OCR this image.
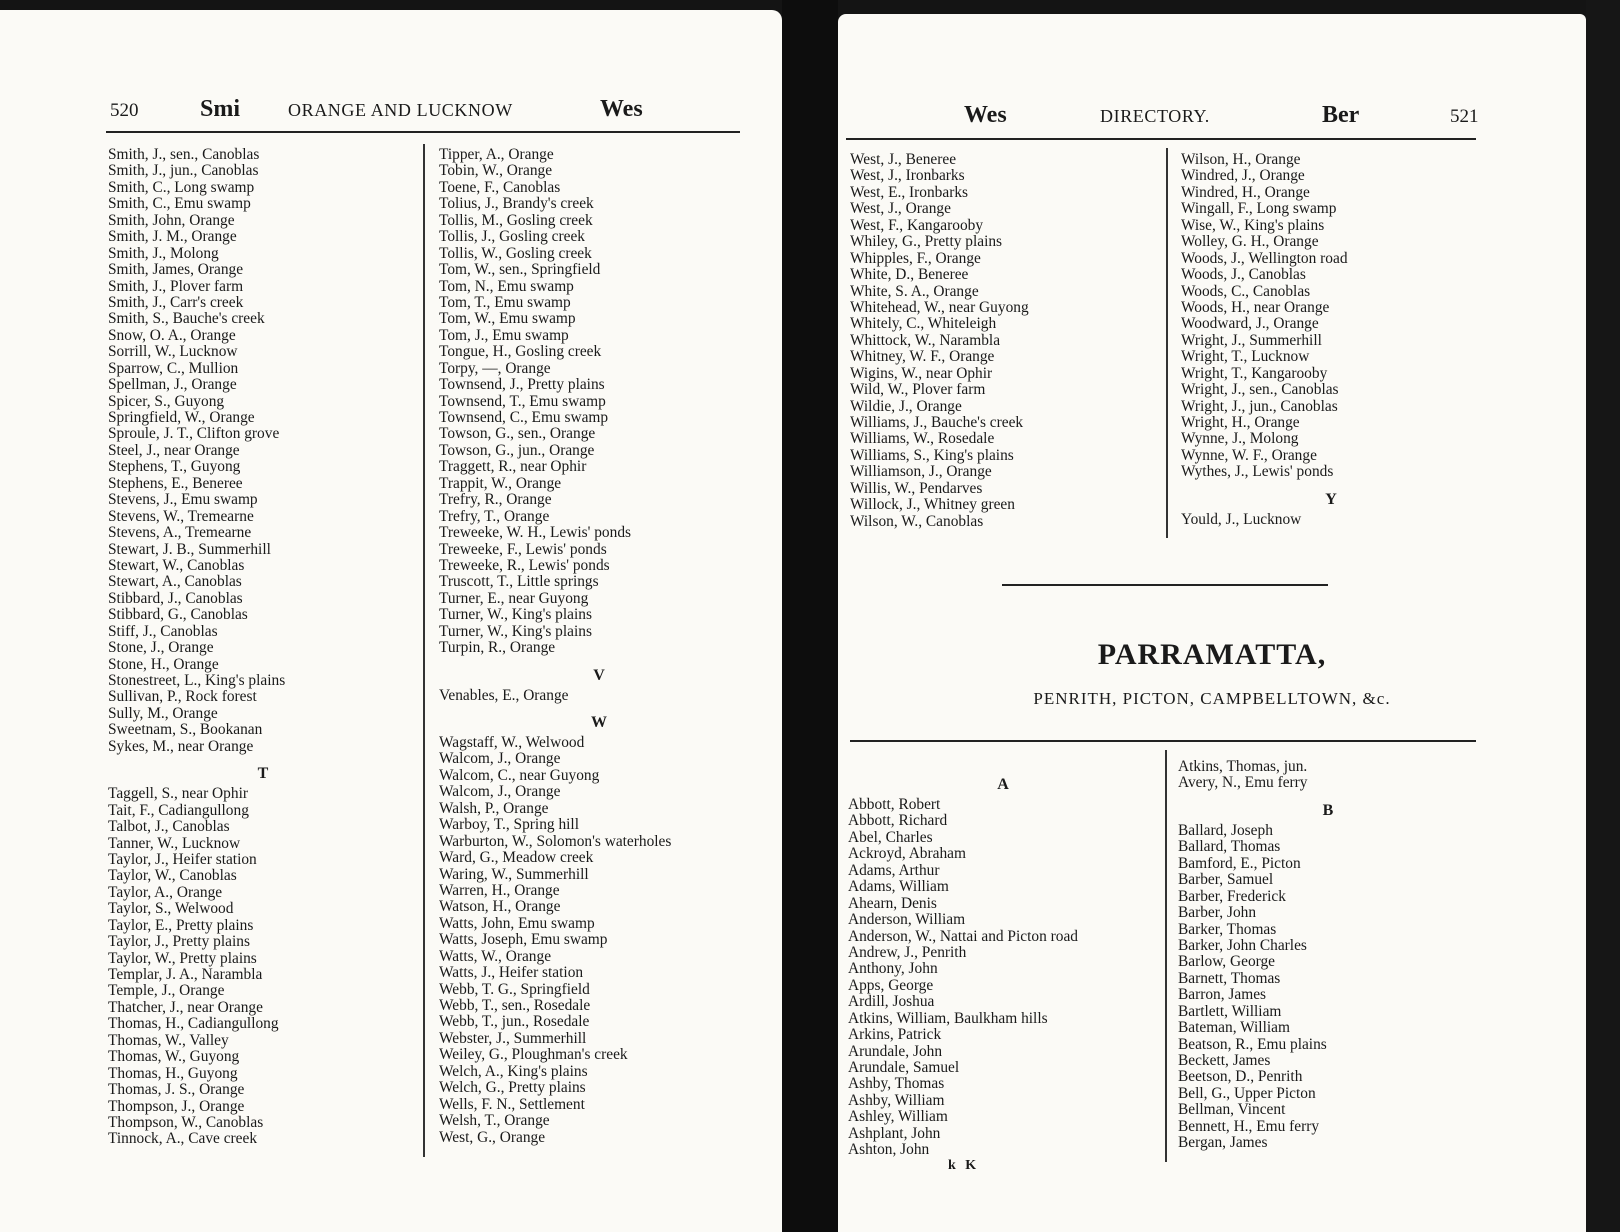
520	Smi	ORANGE AND LUCKNOW	Wes
Smith, J., sen., Canoblas
Smith, J., jun., Canoblas
Smith, C., Long swamp
Smith, C., Emu swamp
Smith, John, Orange
Smith, J. M., Orange
Smith, J., Molong
Smith, James, Orange
Smith, J., Plover farm
Smith, J., Carr's creek
Smith, S., Bauche's creek
Snow, O. A., Orange
Sorrill, W., Lucknow
Sparrow, C., Mullion
Spellman, J., Orange
Spicer, S., Guyong
Springfield, W., Orange
Sproule, J. T., Clifton grove
Steel, J., near Orange
Stephens, T., Guyong
Stephens, E., Beneree
Stevens, J., Emu swamp
Stevens, W., Tremearne
Stevens, A., Tremearne
Stewart, J. B., Summerhill
Stewart, W., Canoblas
Stewart, A., Canoblas
Stibbard, J., Canoblas
Stibbard, G., Canoblas
Stiff, J., Canoblas
Stone, J., Orange
Stone, H., Orange
Stonestreet, L., King's plains
Sullivan, P., Rock forest
Sully, M., Orange
Sweetnam, S., Bookanan
Sykes, M., near Orange
T
Taggell, S., near Ophir
Tait, F., Cadiangullong
Talbot, J., Canoblas
Tanner, W., Lucknow
Taylor, J., Heifer station
Taylor, W., Canoblas
Taylor, A., Orange
Taylor, S., Welwood
Taylor, E., Pretty plains
Taylor, J., Pretty plains
Taylor, W., Pretty plains
Templar, J. A., Narambla
Temple, J., Orange
Thatcher, J., near Orange
Thomas, H., Cadiangullong
Thomas, W., Valley
Thomas, W., Guyong
Thomas, H., Guyong
Thomas, J. S., Orange
Thompson, J., Orange
Thompson, W., Canoblas
Tinnock, A., Cave creek
Tipper, A., Orange
Tobin, W., Orange
Toene, F., Canoblas
Tolius, J., Brandy's creek
Tollis, M., Gosling creek
Tollis, J., Gosling creek
Tollis, W., Gosling creek
Tom, W., sen., Springfield
Tom, N., Emu swamp
Tom, T., Emu swamp
Tom, W., Emu swamp
Tom, J., Emu swamp
Tongue, H., Gosling creek
Torpy, —, Orange
Townsend, J., Pretty plains
Townsend, T., Emu swamp
Townsend, C., Emu swamp
Towson, G., sen., Orange
Towson, G., jun., Orange
Traggett, R., near Ophir
Trappit, W., Orange
Trefry, R., Orange
Trefry, T., Orange
Treweeke, W. H., Lewis' ponds
Treweeke, F., Lewis' ponds
Treweeke, R., Lewis' ponds
Truscott, T., Little springs
Turner, E., near Guyong
Turner, W., King's plains
Turner, W., King's plains
Turpin, R., Orange
V
Venables, E., Orange
W
Wagstaff, W., Welwood
Walcom, J., Orange
Walcom, C., near Guyong
Walcom, J., Orange
Walsh, P., Orange
Warboy, T., Spring hill
Warburton, W., Solomon's waterholes
Ward, G., Meadow creek
Waring, W., Summerhill
Warren, H., Orange
Watson, H., Orange
Watts, John, Emu swamp
Watts, Joseph, Emu swamp
Watts, W., Orange
Watts, J., Heifer station
Webb, T. G., Springfield
Webb, T., sen., Rosedale
Webb, T., jun., Rosedale
Webster, J., Summerhill
Weiley, G., Ploughman's creek
Welch, A., King's plains
Welch, G., Pretty plains
Wells, F. N., Settlement
Welsh, T., Orange
West, G., Orange
Wes	DIRECTORY.	Ber	521
West, J., Beneree
West, J., Ironbarks
West, E., Ironbarks
West, J., Orange
West, F., Kangarooby
Whiley, G., Pretty plains
Whipples, F., Orange
White, D., Beneree
White, S. A., Orange
Whitehead, W., near Guyong
Whitely, C., Whiteleigh
Whittock, W., Narambla
Whitney, W. F., Orange
Wigins, W., near Ophir
Wild, W., Plover farm
Wildie, J., Orange
Williams, J., Bauche's creek
Williams, W., Rosedale
Williams, S., King's plains
Williamson, J., Orange
Willis, W., Pendarves
Willock, J., Whitney green
Wilson, W., Canoblas
Wilson, H., Orange
Windred, J., Orange
Windred, H., Orange
Wingall, F., Long swamp
Wise, W., King's plains
Wolley, G. H., Orange
Woods, J., Wellington road
Woods, J., Canoblas
Woods, C., Canoblas
Woods, H., near Orange
Woodward, J., Orange
Wright, J., Summerhill
Wright, T., Lucknow
Wright, T., Kangarooby
Wright, J., sen., Canoblas
Wright, J., jun., Canoblas
Wright, H., Orange
Wynne, J., Molong
Wynne, W. F., Orange
Wythes, J., Lewis' ponds
Y
Yould, J., Lucknow
PARRAMATTA,
PENRITH, PICTON, CAMPBELLTOWN, &c.
A
Abbott, Robert
Abbott, Richard
Abel, Charles
Ackroyd, Abraham
Adams, Arthur
Adams, William
Ahearn, Denis
Anderson, William
Anderson, W., Nattai and Picton road
Andrew, J., Penrith
Anthony, John
Apps, George
Ardill, Joshua
Atkins, William, Baulkham hills
Arkins, Patrick
Arundale, John
Arundale, Samuel
Ashby, Thomas
Ashby, William
Ashley, William
Ashplant, John
Ashton, John
Atkins, Thomas, jun.
Avery, N., Emu ferry
B
Ballard, Joseph
Ballard, Thomas
Bamford, E., Picton
Barber, Samuel
Barber, Frederick
Barber, John
Barker, Thomas
Barker, John Charles
Barlow, George
Barnett, Thomas
Barron, James
Bartlett, William
Bateman, William
Beatson, R., Emu plains
Beckett, James
Beetson, D., Penrith
Bell, G., Upper Picton
Bellman, Vincent
Bennett, H., Emu ferry
Bergan, James
k K
